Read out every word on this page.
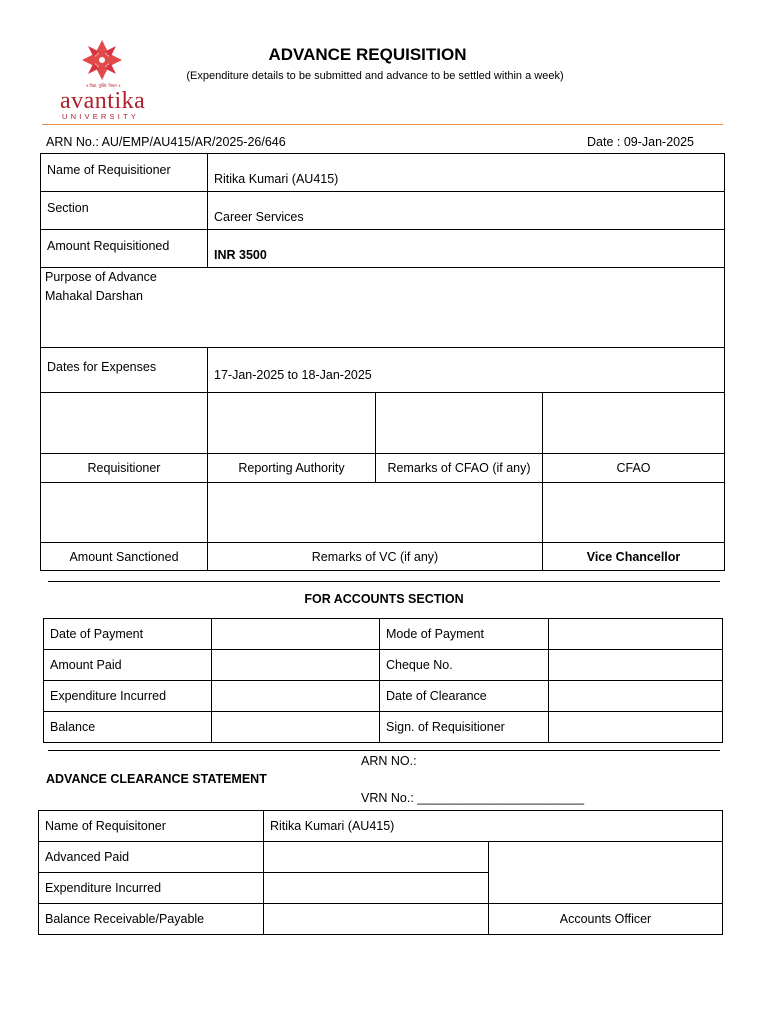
॥ विद्या, युक्ति, विचार ॥
avantika
UNIVERSITY
ADVANCE REQUISITION
(Expenditure details to be submitted and advance to be settled within a week)
ARN No.: AU/EMP/AU415/AR/2025-26/646	Date : 09-Jan-2025
Name of Requisitioner	Ritika Kumari (AU415)		
Section	Career Services		
Amount Requisitioned	INR 3500		

Purpose of Advance
Mahakal Darshan			

Dates for Expenses	17-Jan-2025 to 18-Jan-2025		

Requisitioner	Reporting Authority	Remarks of CFAO (if any)	CFAO

Amount Sanctioned	Remarks of VC (if any)		Vice Chancellor
FOR ACCOUNTS SECTION
Date of Payment		Mode of Payment	
Amount Paid		Cheque No.	
Expenditure Incurred		Date of Clearance	
Balance		Sign. of Requisitioner	
ARN NO.:
ADVANCE CLEARANCE STATEMENT
VRN No.: ________________________
Name of Requisitoner	Ritika Kumari (AU415)	
Advanced Paid		
Expenditure Incurred		
Balance Receivable/Payable		Accounts Officer
